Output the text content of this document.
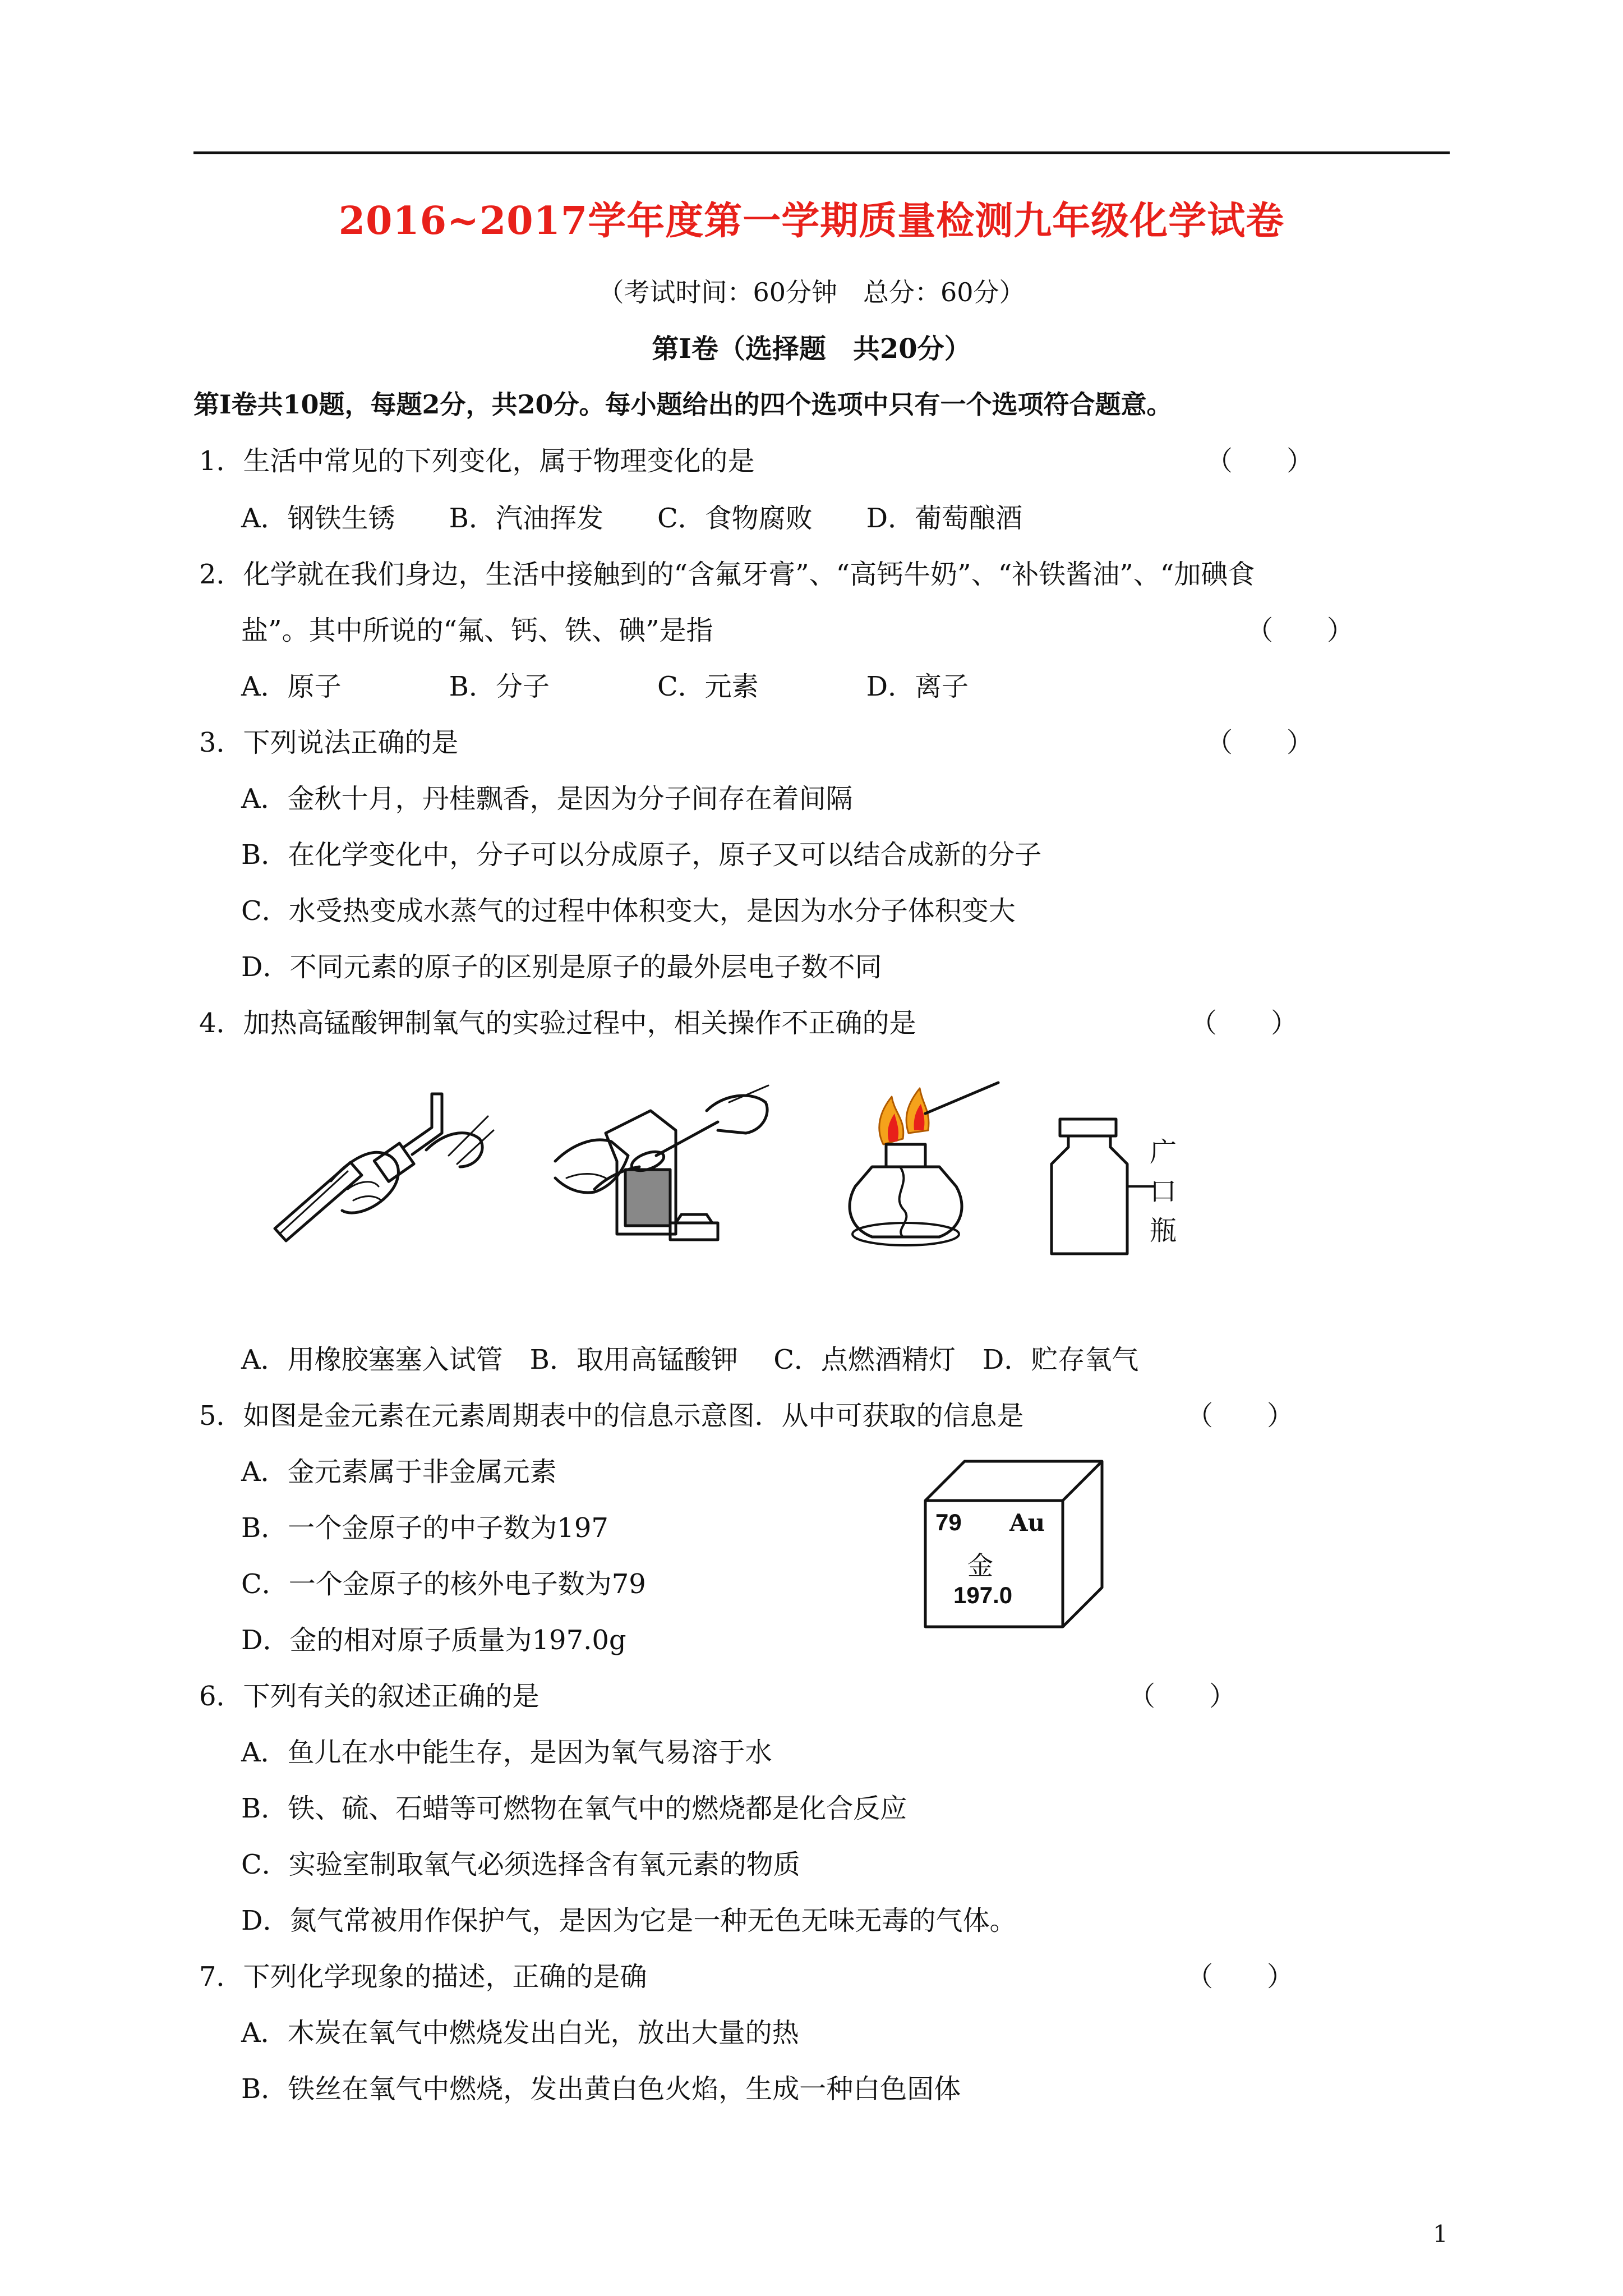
2016~2017学年度第一学期质量检测九年级化学试卷
（考试时间：60分钟　总分：60分）
第Ⅰ卷（选择题　共20分）
第Ⅰ卷共10题，每题2分，共20分。每小题给出的四个选项中只有一个选项符合题意。
1．生活中常见的下列变化，属于物理变化的是	（　　）
A．钢铁生锈　　B．汽油挥发　　C．食物腐败　　D．葡萄酿酒
2．化学就在我们身边，生活中接触到的“含氟牙膏”、“高钙牛奶”、“补铁酱油”、“加碘食
盐”。其中所说的“氟、钙、铁、碘”是指	（　　）
A．原子　　　　B．分子　　　　C．元素　　　　D．离子
3．下列说法正确的是	（　　）
A．金秋十月，丹桂飘香，是因为分子间存在着间隔
B．在化学变化中，分子可以分成原子，原子又可以结合成新的分子
C．水受热变成水蒸气的过程中体积变大，是因为水分子体积变大
D．不同元素的原子的区别是原子的最外层电子数不同
4．加热高锰酸钾制氧气的实验过程中，相关操作不正确的是	（　　）
广
口
瓶
A．用橡胶塞塞入试管　B．取用高锰酸钾　 C．点燃酒精灯　D．贮存氧气
5．如图是金元素在元素周期表中的信息示意图．从中可获取的信息是	（　　）
A．金元素属于非金属元素
B．一个金原子的中子数为197
C．一个金原子的核外电子数为79
D．金的相对原子质量为197.0g
79 Au
金
197.0
6．下列有关的叙述正确的是	（　　）
A．鱼儿在水中能生存，是因为氧气易溶于水
B．铁、硫、石蜡等可燃物在氧气中的燃烧都是化合反应
C．实验室制取氧气必须选择含有氧元素的物质
D．氮气常被用作保护气，是因为它是一种无色无味无毒的气体。
7．下列化学现象的描述，正确的是确	（　　）
A．木炭在氧气中燃烧发出白光，放出大量的热
B．铁丝在氧气中燃烧，发出黄白色火焰，生成一种白色固体
1
